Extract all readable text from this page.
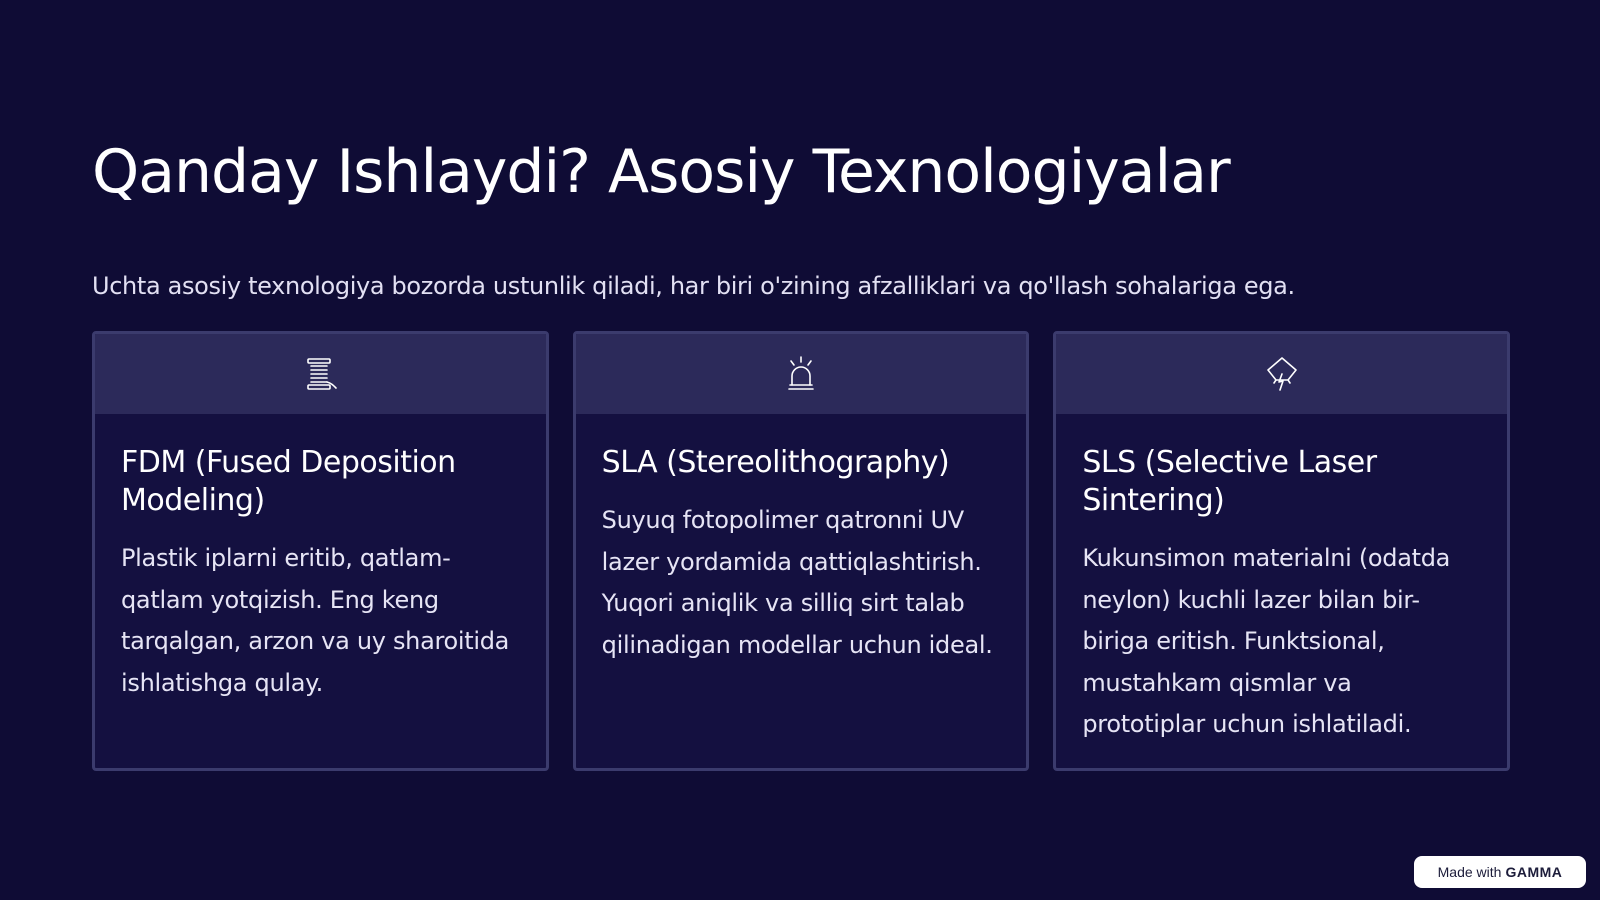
Qanday Ishlaydi? Asosiy Texnologiyalar

Uchta asosiy texnologiya bozorda ustunlik qiladi, har biri o'zining afzalliklari va qo'llash sohalariga ega.

FDM (Fused Deposition Modeling)

Plastik iplarni eritib, qatlam-qatlam yotqizish. Eng keng tarqalgan, arzon va uy sharoitida ishlatishga qulay.

SLA (Stereolithography)

Suyuq fotopolimer qatronni UV lazer yordamida qattiqlashtirish. Yuqori aniqlik va silliq sirt talab qilinadigan modellar uchun ideal.

SLS (Selective Laser Sintering)

Kukunsimon materialni (odatda neylon) kuchli lazer bilan bir-biriga eritish. Funktsional, mustahkam qismlar va prototiplar uchun ishlatiladi.

Made with GAMMA
